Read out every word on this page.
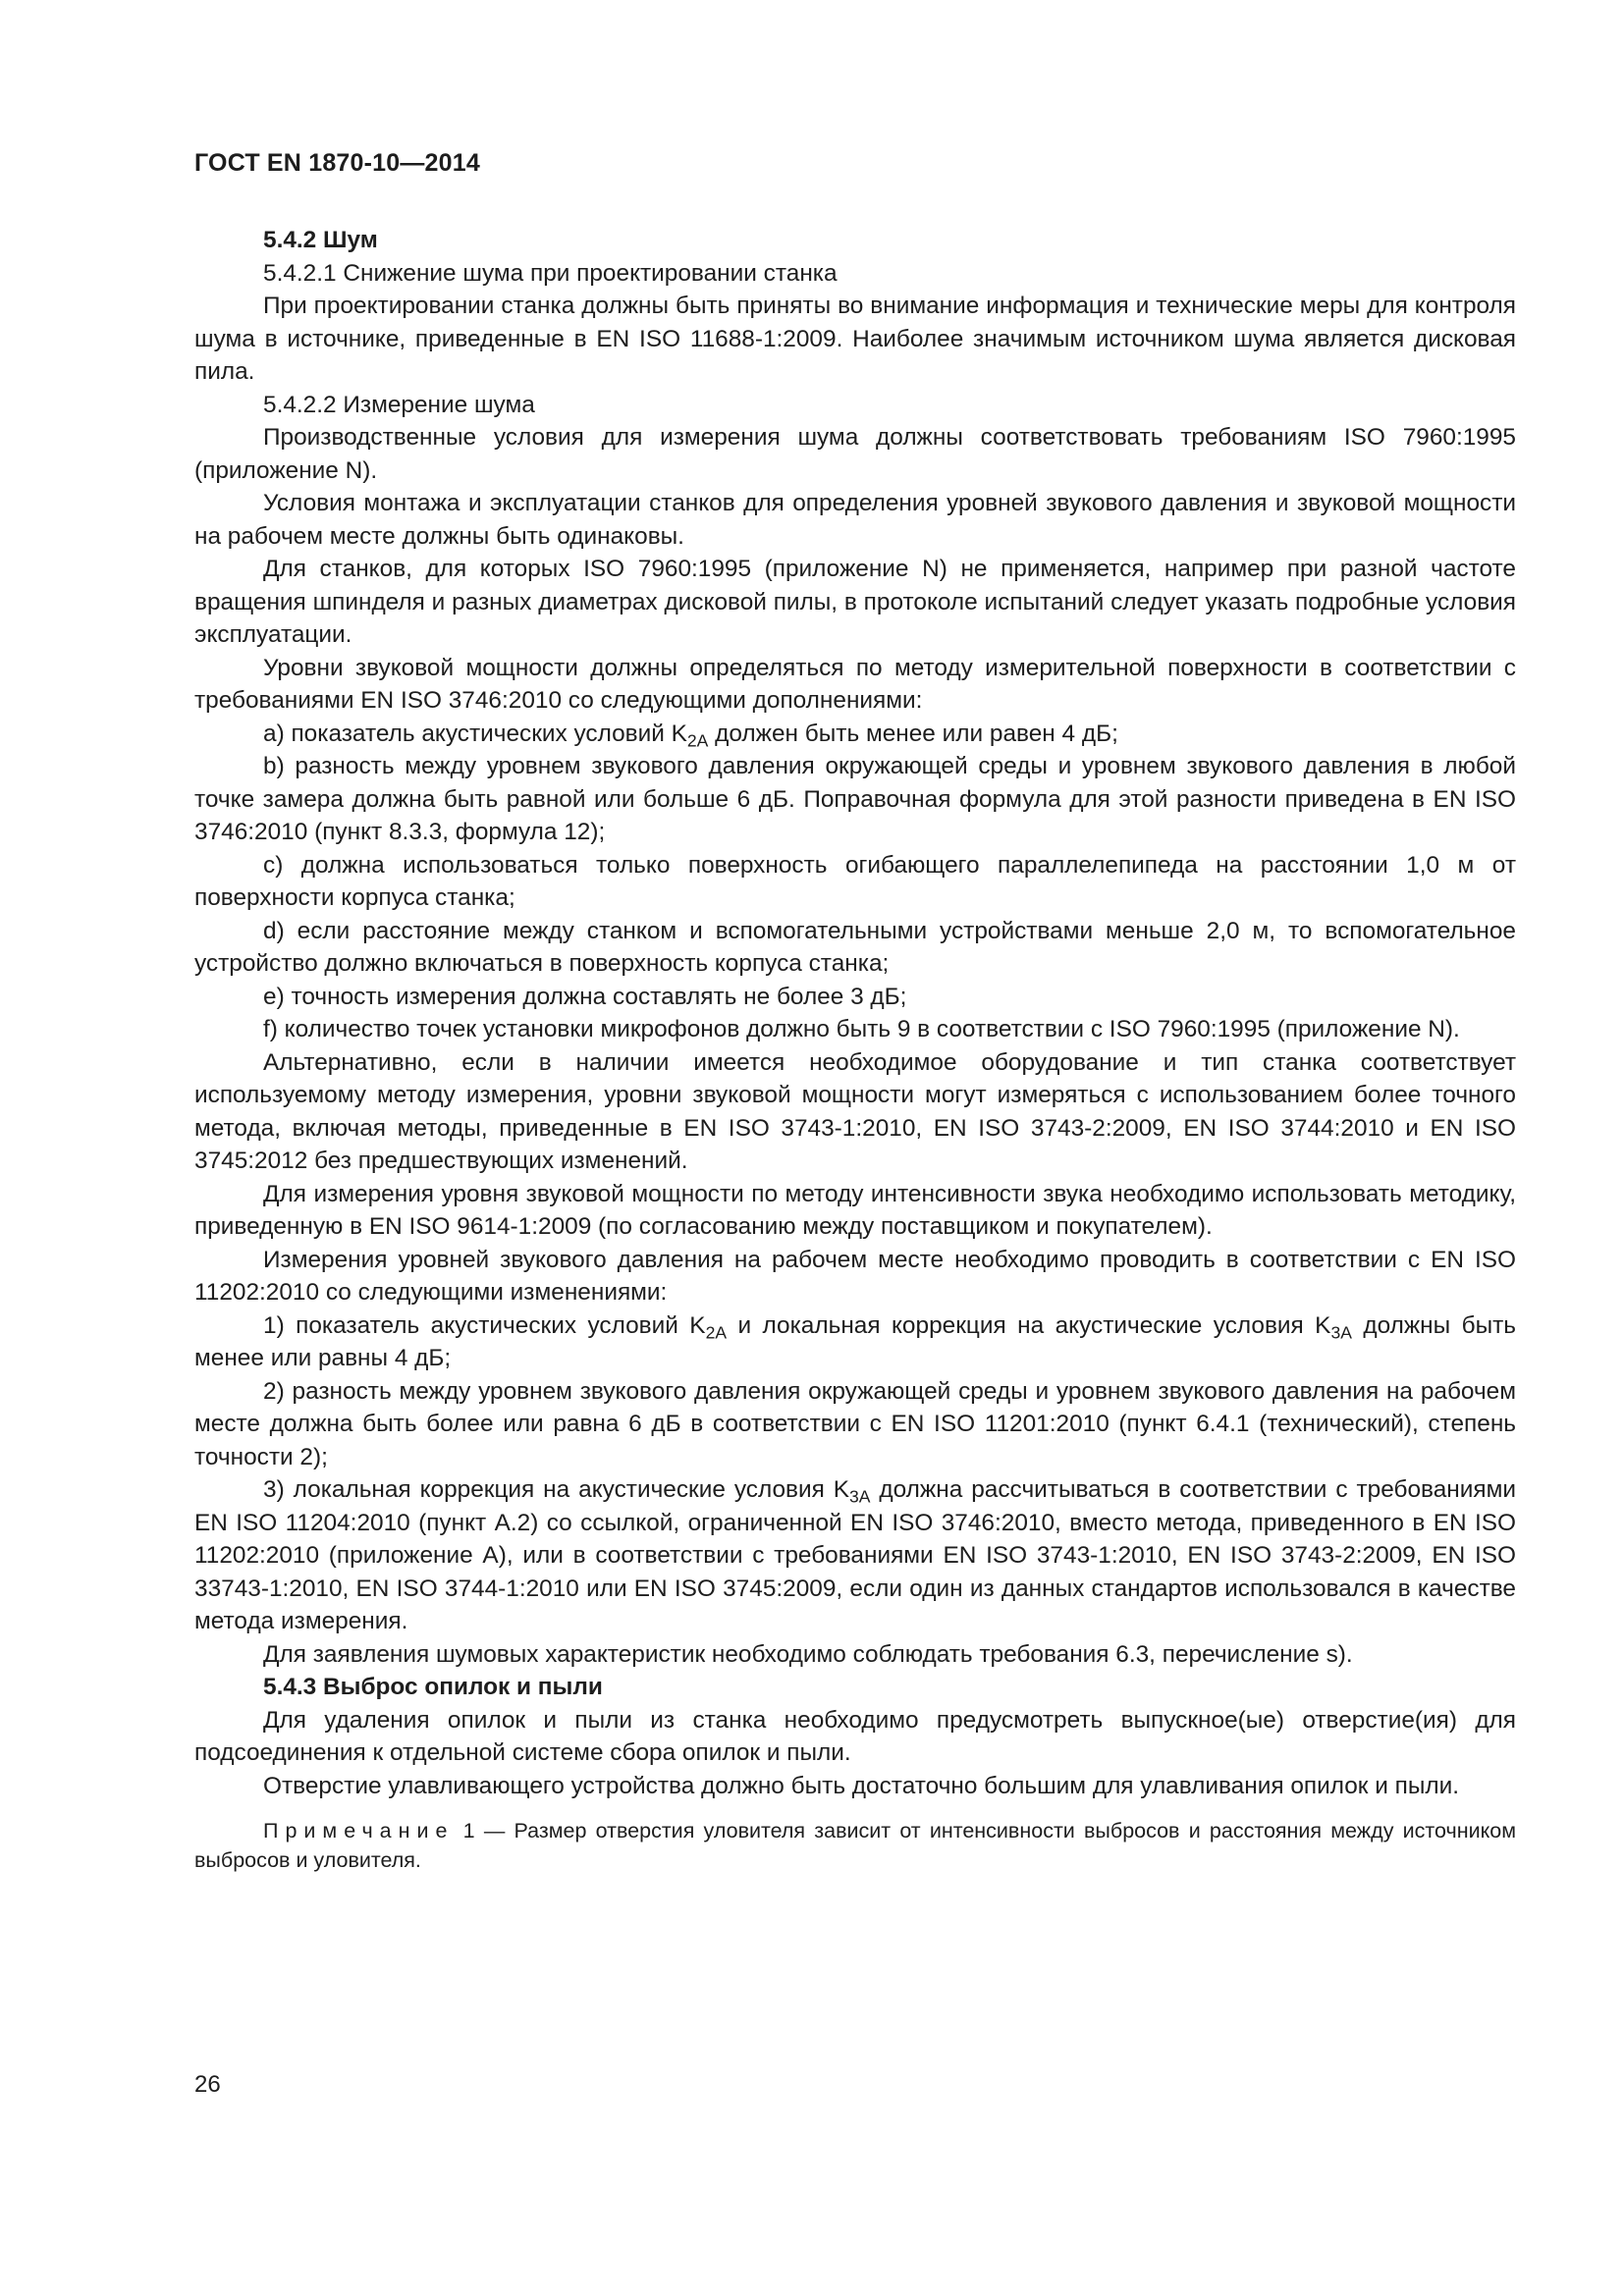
ГОСТ EN 1870-10—2014

5.4.2 Шум

5.4.2.1 Снижение шума при проектировании станка

При проектировании станка должны быть приняты во внимание информация и технические меры для контроля шума в источнике, приведенные в EN ISO 11688-1:2009. Наиболее значимым источником шума является дисковая пила.

5.4.2.2 Измерение шума

Производственные условия для измерения шума должны соответствовать требованиям ISO 7960:1995 (приложение N).

Условия монтажа и эксплуатации станков для определения уровней звукового давления и звуковой мощности на рабочем месте должны быть одинаковы.

Для станков, для которых ISO 7960:1995 (приложение N) не применяется, например при разной частоте вращения шпинделя и разных диаметрах дисковой пилы, в протоколе испытаний следует указать подробные условия эксплуатации.

Уровни звуковой мощности должны определяться по методу измерительной поверхности в соответствии с требованиями EN ISO 3746:2010 со следующими дополнениями:

a) показатель акустических условий $K_{2A}$ должен быть менее или равен 4 дБ;

b) разность между уровнем звукового давления окружающей среды и уровнем звукового давления в любой точке замера должна быть равной или больше 6 дБ. Поправочная формула для этой разности приведена в EN ISO 3746:2010 (пункт 8.3.3, формула 12);

c) должна использоваться только поверхность огибающего параллелепипеда на расстоянии 1,0 м от поверхности корпуса станка;

d) если расстояние между станком и вспомогательными устройствами меньше 2,0 м, то вспомогательное устройство должно включаться в поверхность корпуса станка;

e) точность измерения должна составлять не более 3 дБ;

f) количество точек установки микрофонов должно быть 9 в соответствии с ISO 7960:1995 (приложение N).

Альтернативно, если в наличии имеется необходимое оборудование и тип станка соответствует используемому методу измерения, уровни звуковой мощности могут измеряться с использованием более точного метода, включая методы, приведенные в EN ISO 3743-1:2010, EN ISO 3743-2:2009, EN ISO 3744:2010 и EN ISO 3745:2012 без предшествующих изменений.

Для измерения уровня звуковой мощности по методу интенсивности звука необходимо использовать методику, приведенную в EN ISO 9614-1:2009 (по согласованию между поставщиком и покупателем).

Измерения уровней звукового давления на рабочем месте необходимо проводить в соответствии с EN ISO 11202:2010 со следующими изменениями:

1) показатель акустических условий $K_{2A}$ и локальная коррекция на акустические условия $K_{3A}$ должны быть менее или равны 4 дБ;

2) разность между уровнем звукового давления окружающей среды и уровнем звукового давления на рабочем месте должна быть более или равна 6 дБ в соответствии с EN ISO 11201:2010 (пункт 6.4.1 (технический), степень точности 2);

3) локальная коррекция на акустические условия $K_{3A}$ должна рассчитываться в соответствии с требованиями EN ISO 11204:2010 (пункт A.2) со ссылкой, ограниченной EN ISO 3746:2010, вместо метода, приведенного в EN ISO 11202:2010 (приложение A), или в соответствии с требованиями EN ISO 3743-1:2010, EN ISO 3743-2:2009, EN ISO 33743-1:2010, EN ISO 3744-1:2010 или EN ISO 3745:2009, если один из данных стандартов использовался в качестве метода измерения.

Для заявления шумовых характеристик необходимо соблюдать требования 6.3, перечисление s).

5.4.3 Выброс опилок и пыли

Для удаления опилок и пыли из станка необходимо предусмотреть выпускное(ые) отверстие(ия) для подсоединения к отдельной системе сбора опилок и пыли.

Отверстие улавливающего устройства должно быть достаточно большим для улавливания опилок и пыли.

Примечание 1 — Размер отверстия уловителя зависит от интенсивности выбросов и расстояния между источником выбросов и уловителя.

26
